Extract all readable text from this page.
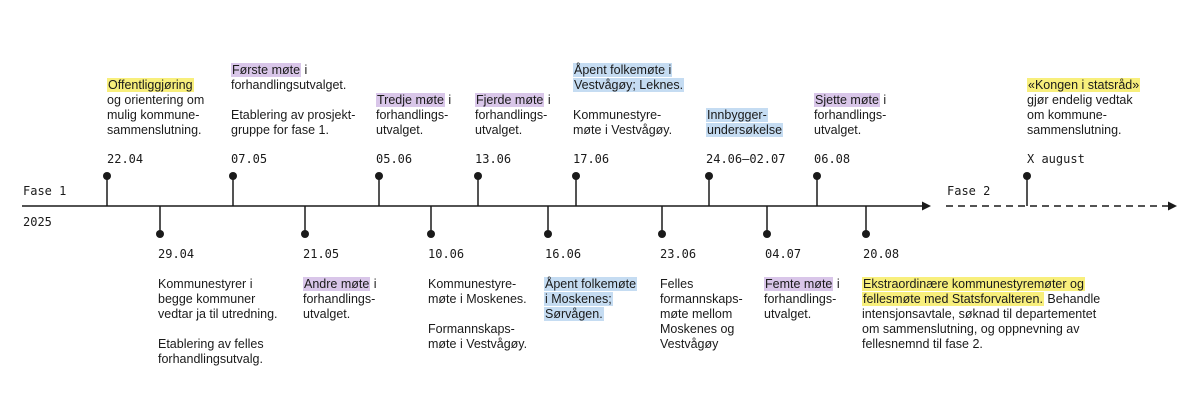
Fase 1
2025
Fase 2
22.04	07.05	05.06	13.06	17.06	24.06–02.07 06.08	X august
29.04	21.05	10.06	16.06	23.06	04.07	20.08
Offentliggjøring
og orientering om
mulig kommune-
sammenslutning.
Første møte i
forhandlingsutvalget.
Etablering av prosjekt-
gruppe for fase 1.
Tredje møte i
forhandlings-
utvalget.
Fjerde møte i
forhandlings-
utvalget.
Åpent folkemøte i
Vestvågøy; Leknes.
Kommunestyre-
møte i Vestvågøy.
Innbygger-
undersøkelse
Sjette møte i
forhandlings-
utvalget.
«Kongen i statsråd»
gjør endelig vedtak
om kommune-
sammenslutning.
Kommunestyrer i
begge kommuner
vedtar ja til utredning.
Etablering av felles
forhandlingsutvalg.
Andre møte i
forhandlings-
utvalget.
Kommunestyre-
møte i Moskenes.
Formannskaps-
møte i Vestvågøy.
Åpent folkemøte
i Moskenes;
Sørvågen.
Felles
formannskaps-
møte mellom
Moskenes og
Vestvågøy
Femte møte i
forhandlings-
utvalget.
Ekstraordinære kommunestyremøter og
fellesmøte med Statsforvalteren. Behandle
intensjonsavtale, søknad til departementet
om sammenslutning, og oppnevning av
fellesnemnd til fase 2.
